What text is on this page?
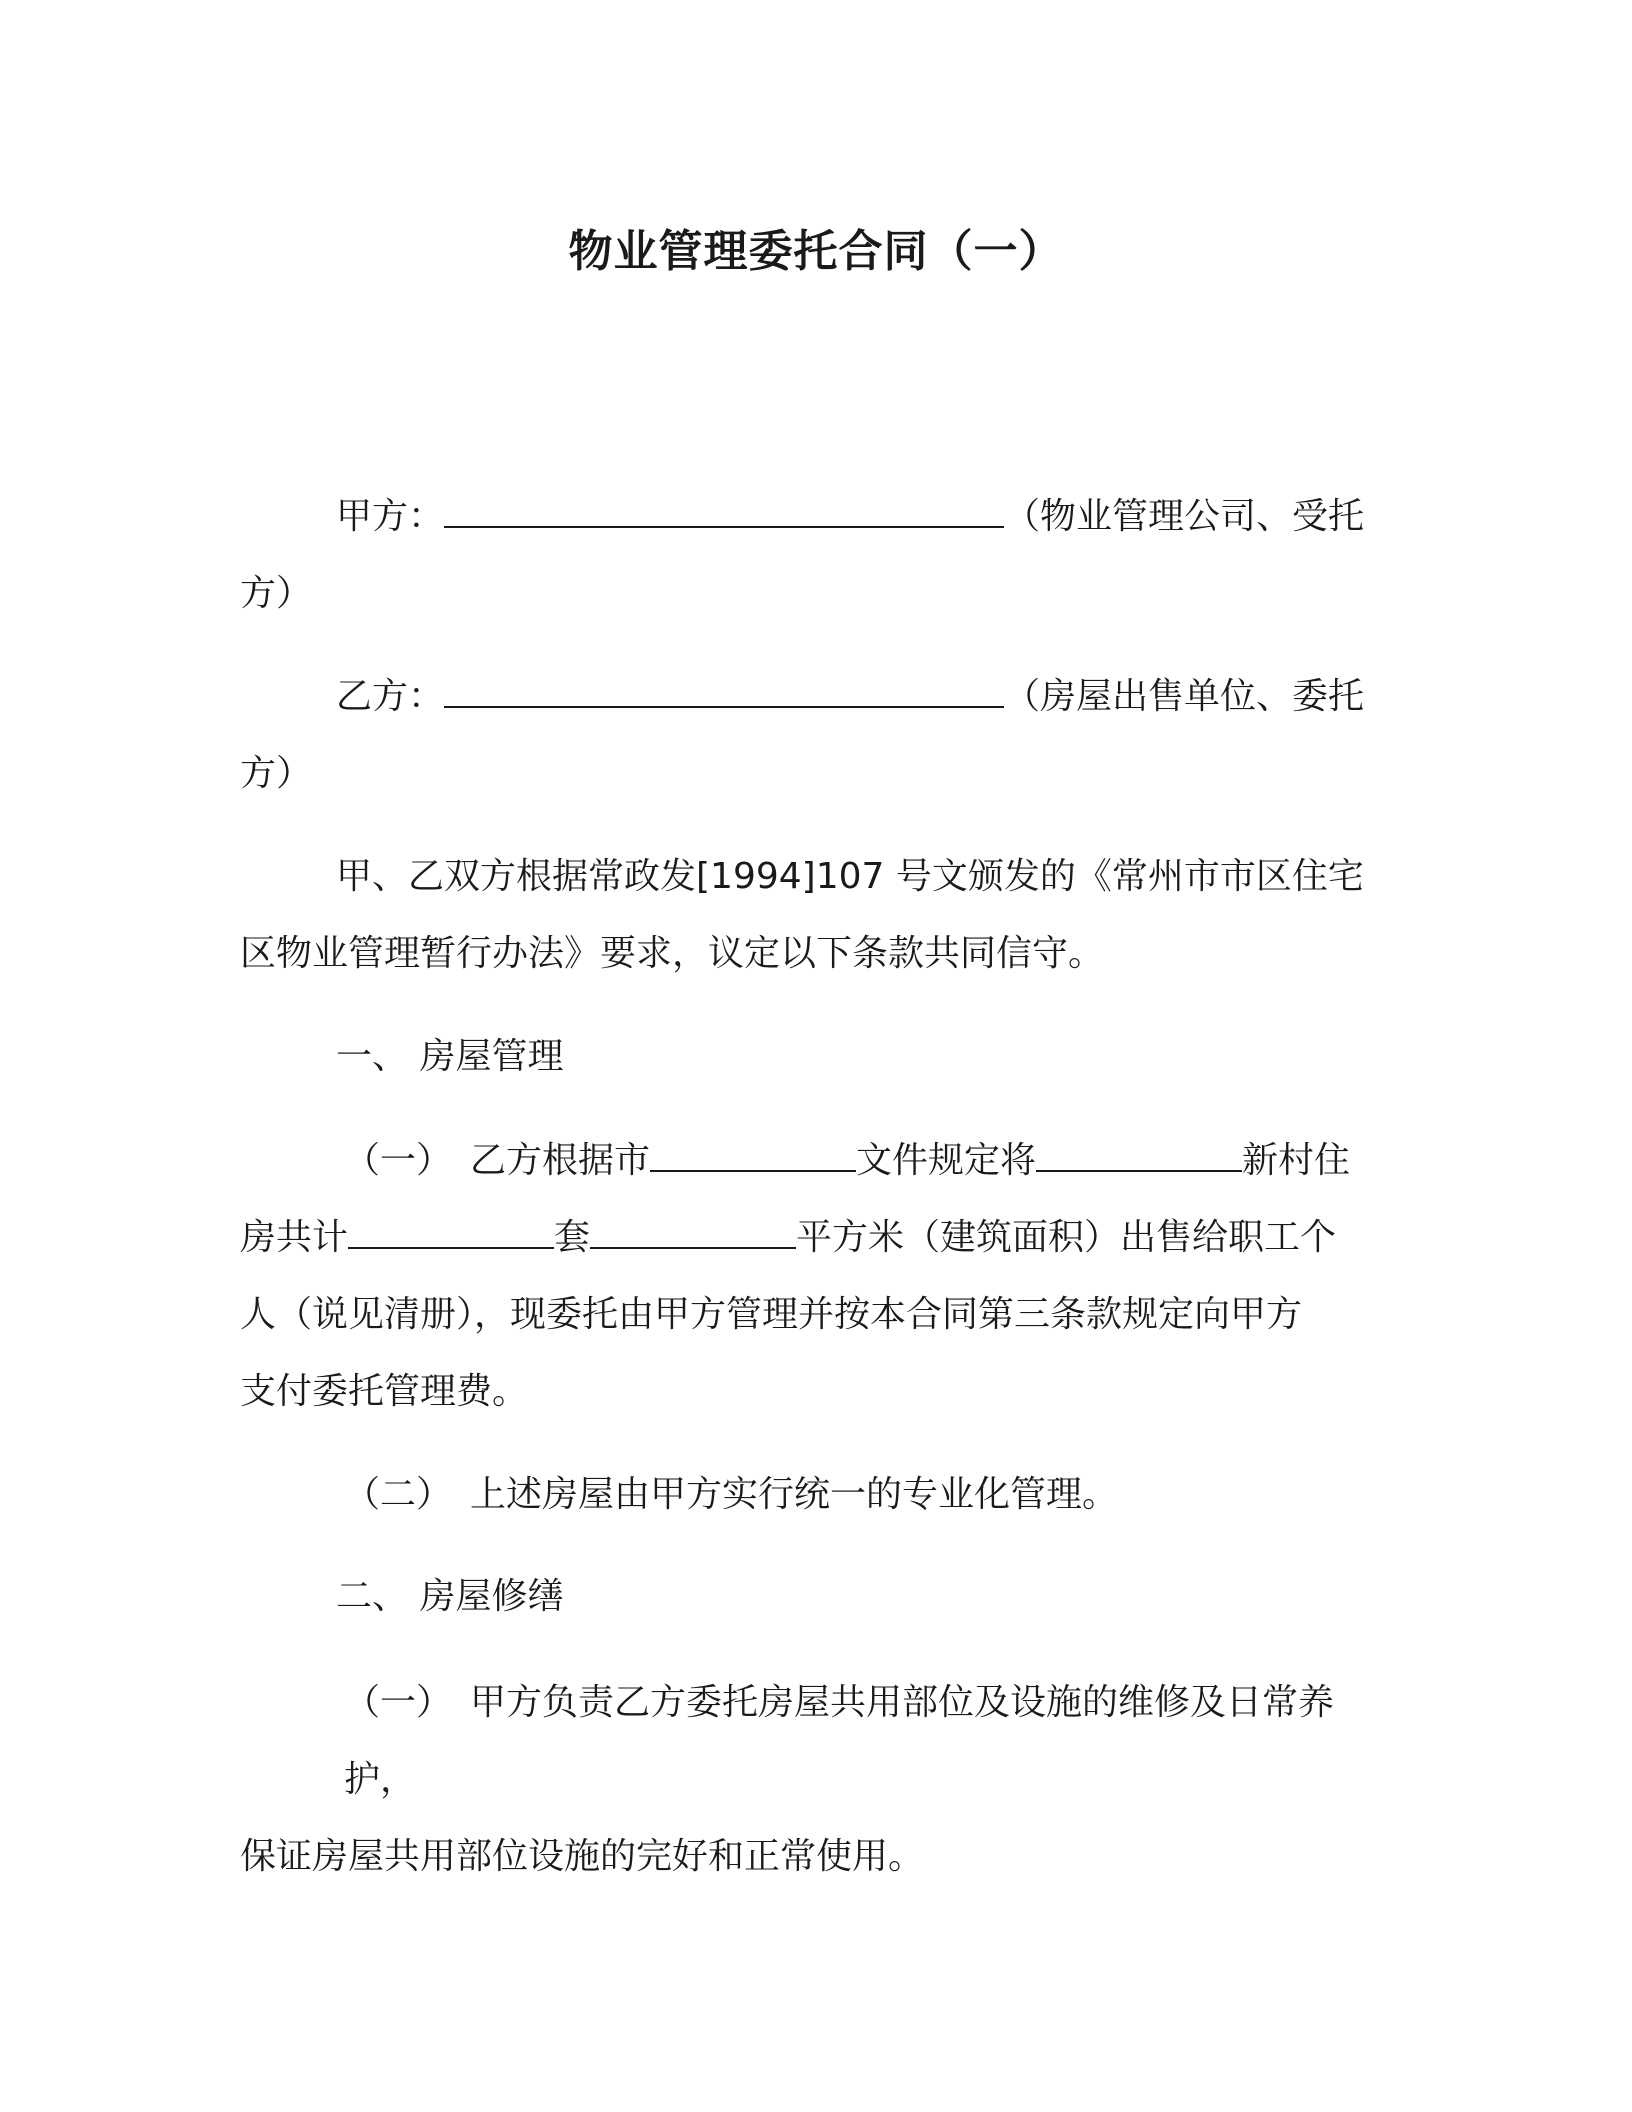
物业管理委托合同（一）
甲方：	（物业管理公司、受托
方）
乙方：	（房屋出售单位、委托
方）
甲、乙双方根据常政发[1994]107 号文颁发的《常州市市区住宅
区物业管理暂行办法》要求，议定以下条款共同信守。
一、 房屋管理
（一） 乙方根据市	文件规定将	新村住
房共计	套	平方米（建筑面积）出售给职工个
人（说见清册），现委托由甲方管理并按本合同第三条款规定向甲方
支付委托管理费。
（二） 上述房屋由甲方实行统一的专业化管理。
二、 房屋修缮
（一） 甲方负责乙方委托房屋共用部位及设施的维修及日常养护，
保证房屋共用部位设施的完好和正常使用。
